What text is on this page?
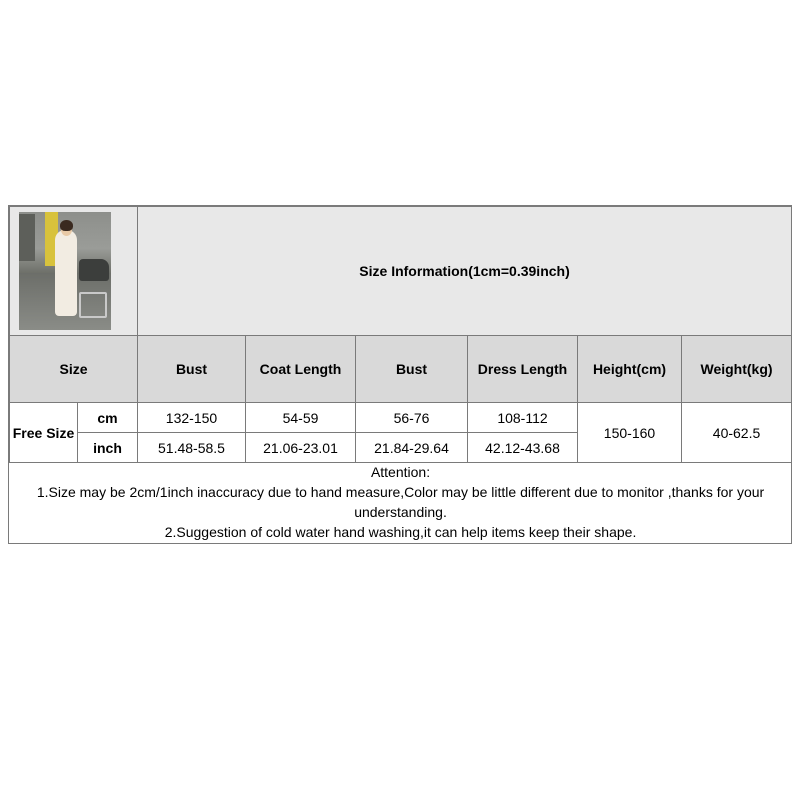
		Size Information(1cm=0.39inch)				
Size		Bust	Coat Length	Bust	Dress Length	Height(cm)	Weight(kg)
Free Size	cm	132-150	54-59	56-76	108-112	150-160	40-62.5
	inch	51.48-58.5	21.06-23.01	21.84-29.64	42.12-43.68		

Attention:

1.Size may be 2cm/1inch inaccuracy due to hand measure,Color may be little different due to monitor ,thanks for your understanding.

2.Suggestion of cold water hand washing,it can help items keep their shape.							
